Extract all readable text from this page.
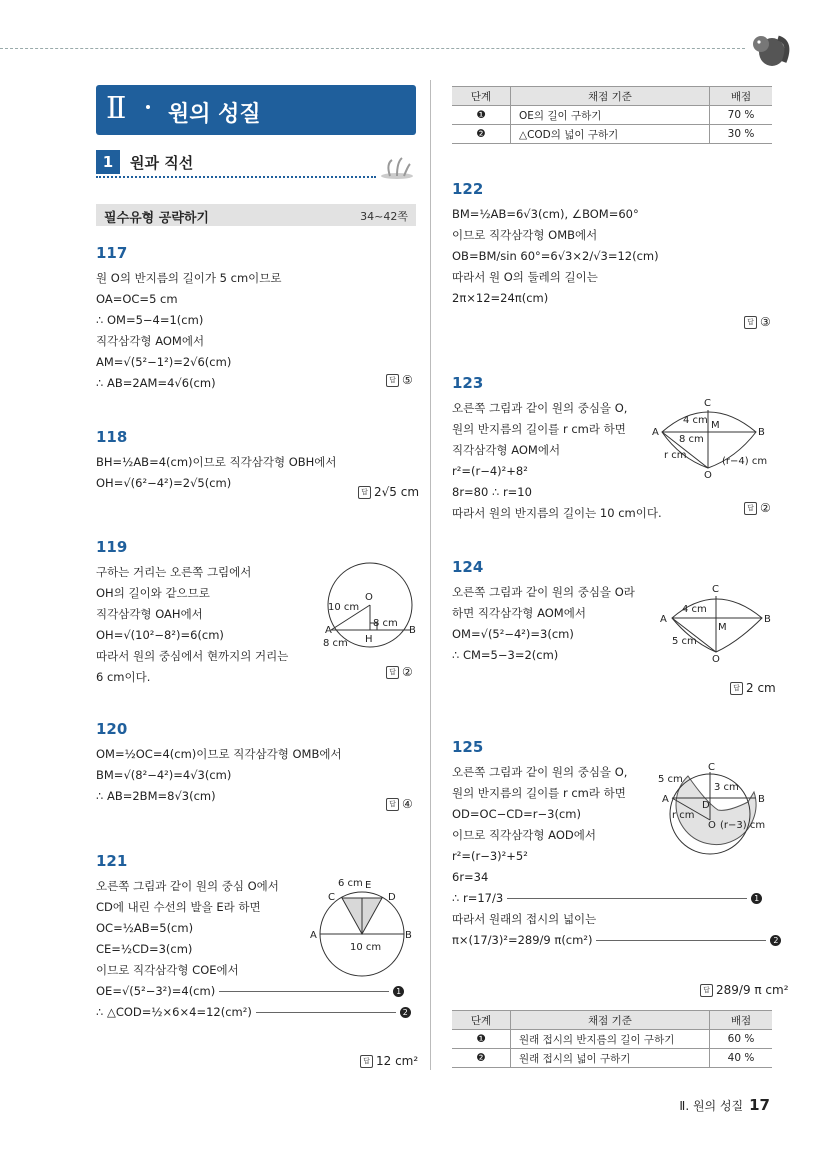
Ⅱ 원의 성질
1	원과 직선
필수유형 공략하기	34~42쪽
117
원 O의 반지름의 길이가 5 cm이므로
OA=OC=5 cm
∴ OM=5−4=1(cm)
직각삼각형 AOM에서
AM=√(5²−1²)=2√6(cm)
∴ AB=2AM=4√6(cm)	답 ⑤
118
BH=½AB=4(cm)이므로 직각삼각형 OBH에서
OH=√(6²−4²)=2√5(cm)
답 2√5 cm
119
구하는 거리는 오른쪽 그림에서
OH의 길이와 같으므로
직각삼각형 OAH에서
OH=√(10²−8²)=6(cm)
따라서 원의 중심에서 현까지의 거리는
6 cm이다.
O
A	B
H
10 cm
8 cm
8 cm
답 ②
120
OM=½OC=4(cm)이므로 직각삼각형 OMB에서
BM=√(8²−4²)=4√3(cm)
∴ AB=2BM=8√3(cm)
답 ④
121
오른쪽 그림과 같이 원의 중심 O에서
CD에 내린 수선의 발을 E라 하면
OC=½AB=5(cm)
CE=½CD=3(cm)
이므로 직각삼각형 COE에서
OE=√(5²−3²)=4(cm)	1
∴ △COD=½×6×4=12(cm²)	2
6 cm E
C	D
A	B
10 cm
답 12 cm²
단계	채점 기준	배점
❶	OE의 길이 구하기	70 %
❷	△COD의 넓이 구하기	30 %
122
BM=½AB=6√3(cm), ∠BOM=60°
이므로 직각삼각형 OMB에서
OB=BM/sin 60°=6√3×2/√3=12(cm)
따라서 원 O의 둘레의 길이는
2π×12=24π(cm)
답 ③
123
오른쪽 그림과 같이 원의 중심을 O,
원의 반지름의 길이를 r cm라 하면
직각삼각형 AOM에서
r²=(r−4)²+8²
8r=80 ∴ r=10
따라서 원의 반지름의 길이는 10 cm이다.
C
A	B
M
O
4 cm
8 cm
r cm
(r−4) cm
답 ②
124
오른쪽 그림과 같이 원의 중심을 O라
하면 직각삼각형 AOM에서
OM=√(5²−4²)=3(cm)
∴ CM=5−3=2(cm)
C
A	B
M
O
4 cm
5 cm
답 2 cm
125
오른쪽 그림과 같이 원의 중심을 O,
원의 반지름의 길이를 r cm라 하면
OD=OC−CD=r−3(cm)
이므로 직각삼각형 AOD에서
r²=(r−3)²+5²
6r=34
∴ r=17/3	1
따라서 원래의 접시의 넓이는
π×(17/3)²=289/9 π(cm²)	2
5 cm
C
A	B
D
O
3 cm
r cm
(r−3) cm
답 289/9 π cm²
단계	채점 기준	배점
❶	원래 접시의 반지름의 길이 구하기	60 %
❷	원래 접시의 넓이 구하기	40 %
Ⅱ. 원의 성질 17
